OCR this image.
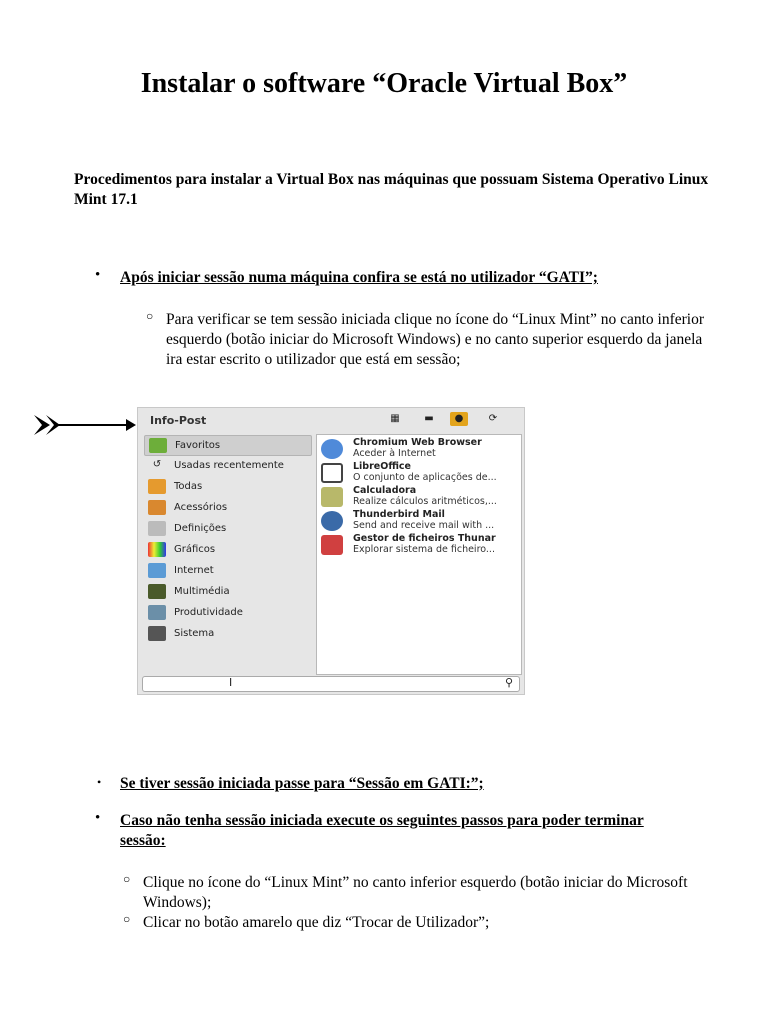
Instalar o software “Oracle Virtual Box”
Procedimentos para instalar a Virtual Box nas máquinas que possuam Sistema Operativo Linux Mint 17.1
• Após iniciar sessão numa máquina confira se está no utilizador “GATI”;
○ Para verificar se tem sessão iniciada clique no ícone do “Linux Mint” no canto inferior esquerdo (botão iniciar do Microsoft Windows) e no canto superior esquerdo da janela ira estar escrito o utilizador que está em sessão;
Info-Post	▦	▬	●	⟳
Favoritos
↺	Usadas recentemente
Todas
Acessórios
Definições
Gráficos
Internet
Multimédia
Produtividade
Sistema
Chromium Web Browser
Aceder à Internet
LibreOffice
O conjunto de aplicações de...
Calculadora
Realize cálculos aritméticos,...
Thunderbird Mail
Send and receive mail with ...
Gestor de ficheiros Thunar
Explorar sistema de ficheiro...
I	⚲
• Se tiver sessão iniciada passe para “Sessão em GATI:”;
• Caso não tenha sessão iniciada execute os seguintes passos para poder terminar sessão:
○ Clique no ícone do “Linux Mint” no canto inferior esquerdo (botão iniciar do Microsoft Windows);
○ Clicar no botão amarelo que diz “Trocar de Utilizador”;
